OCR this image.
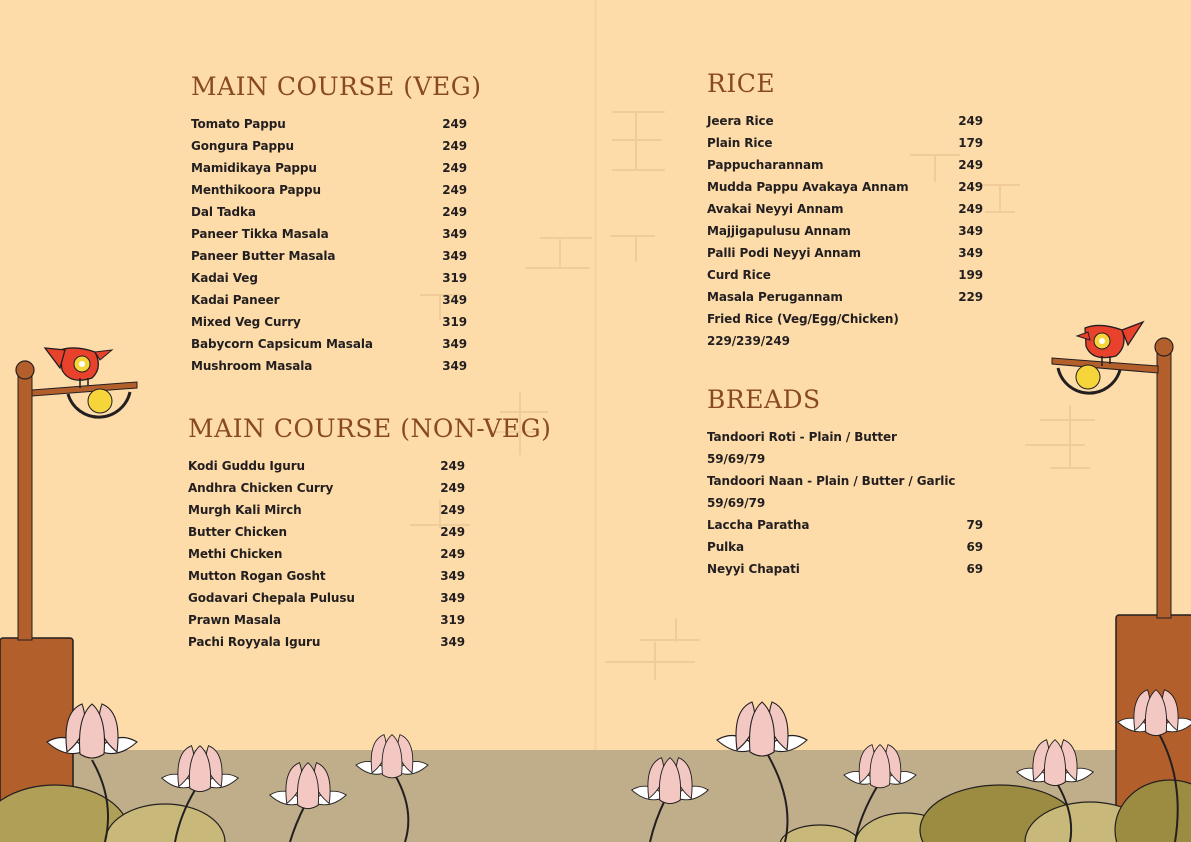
MAIN COURSE (VEG)
Tomato Pappu	249
Gongura Pappu	249
Mamidikaya Pappu	249
Menthikoora Pappu	249
Dal Tadka	249
Paneer Tikka Masala	349
Paneer Butter Masala	349
Kadai Veg	319
Kadai Paneer	349
Mixed Veg Curry	319
Babycorn Capsicum Masala	349
Mushroom Masala	349
MAIN COURSE (NON-VEG)
Kodi Guddu Iguru	249
Andhra Chicken Curry	249
Murgh Kali Mirch	249
Butter Chicken	249
Methi Chicken	249
Mutton Rogan Gosht	349
Godavari Chepala Pulusu	349
Prawn Masala	319
Pachi Royyala Iguru	349
RICE
Jeera Rice	249
Plain Rice	179
Pappucharannam	249
Mudda Pappu Avakaya Annam	249
Avakai Neyyi Annam	249
Majjigapulusu Annam	349
Palli Podi Neyyi Annam	349
Curd Rice	199
Masala Perugannam	229
Fried Rice (Veg/Egg/Chicken)
229/239/249
BREADS
Tandoori Roti - Plain / Butter
59/69/79
Tandoori Naan - Plain / Butter / Garlic
59/69/79
Laccha Paratha	79
Pulka	69
Neyyi Chapati	69
